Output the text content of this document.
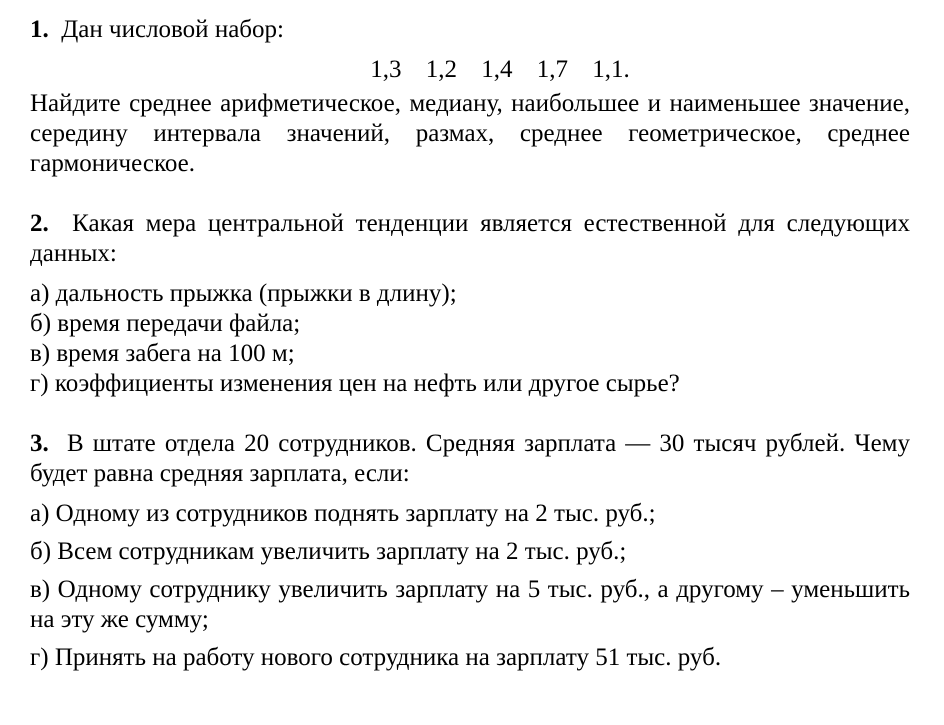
1. Дан числовой набор:

1,3 1,2 1,4 1,7 1,1.

Найдите среднее арифметическое, медиану, наибольшее и наименьшее значение, середину интервала значений, размах, среднее геометрическое, среднее гармоническое.

2. Какая мера центральной тенденции является естественной для следующих данных:

а) дальность прыжка (прыжки в длину);

б) время передачи файла;

в) время забега на 100 м;

г) коэффициенты изменения цен на нефть или другое сырье?

3. В штате отдела 20 сотрудников. Средняя зарплата — 30 тысяч рублей. Чему будет равна средняя зарплата, если:

а) Одному из сотрудников поднять зарплату на 2 тыс. руб.;

б) Всем сотрудникам увеличить зарплату на 2 тыс. руб.;

в) Одному сотруднику увеличить зарплату на 5 тыс. руб., а другому – уменьшить на эту же сумму;

г) Принять на работу нового сотрудника на зарплату 51 тыс. руб.
